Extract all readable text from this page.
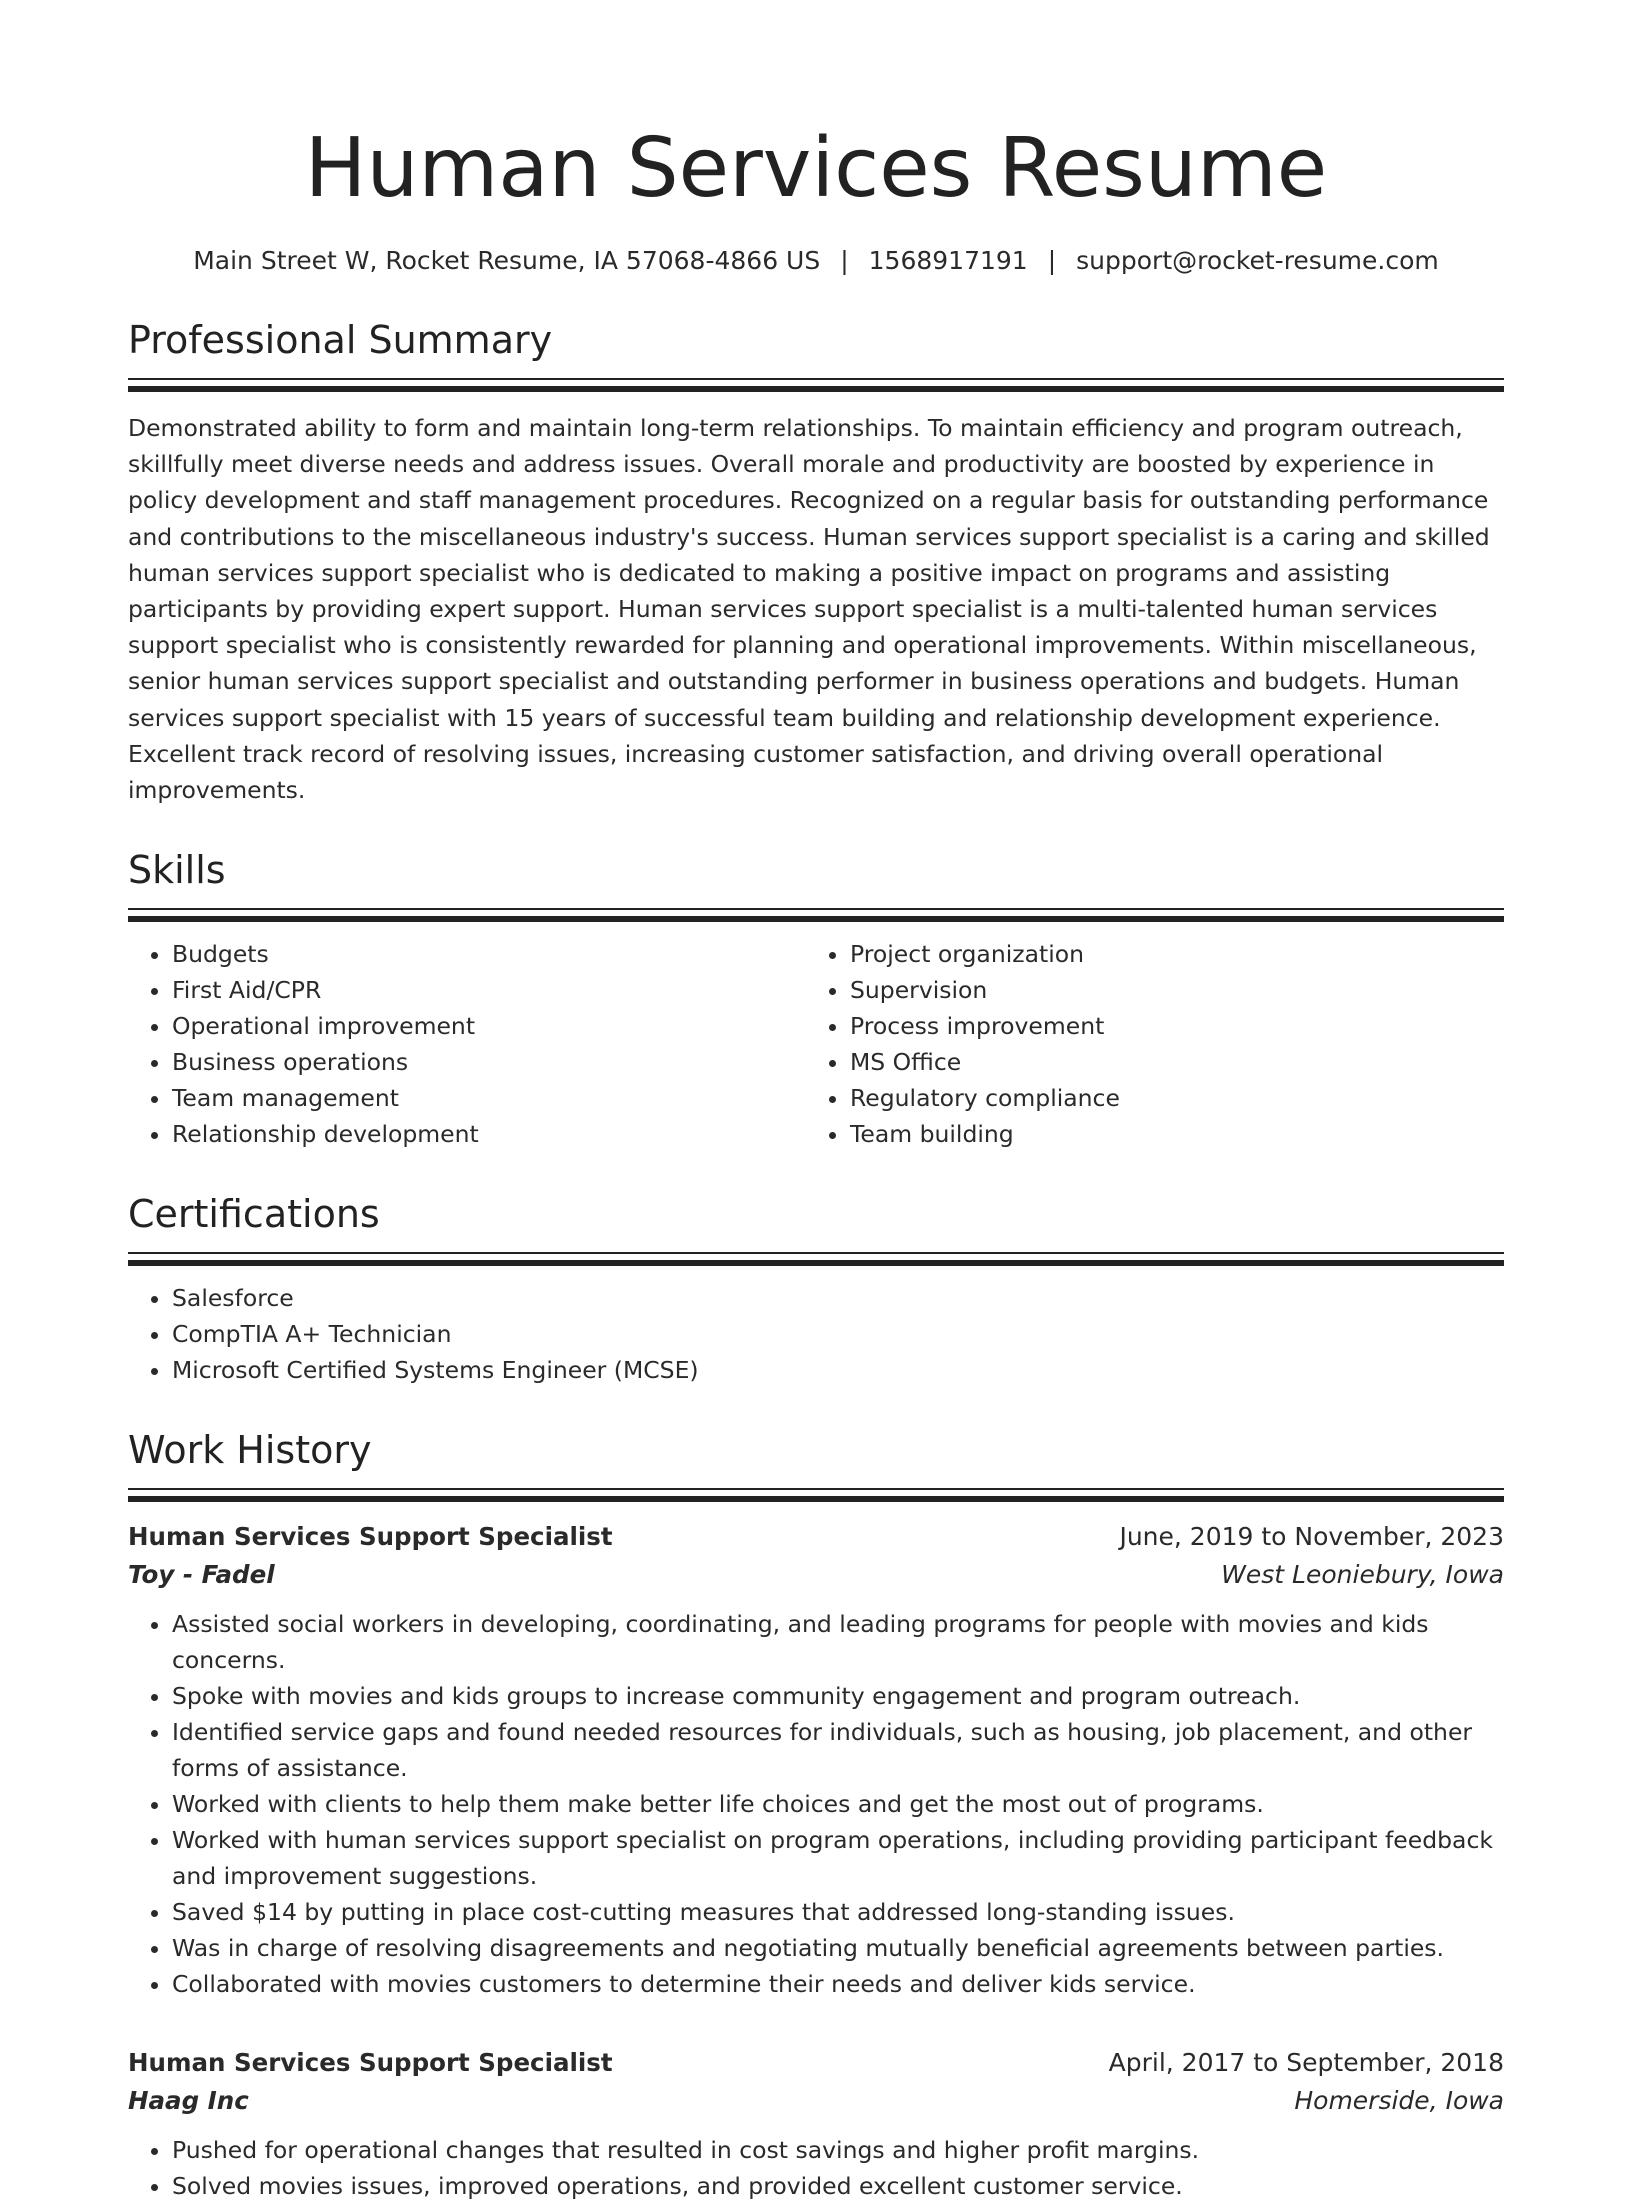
Human Services Resume
Main Street W, Rocket Resume, IA 57068-4866 US | 1568917191 | support@rocket-resume.com
Professional Summary
Demonstrated ability to form and maintain long-term relationships. To maintain efficiency and program outreach, skillfully meet diverse needs and address issues. Overall morale and productivity are boosted by experience in policy development and staff management procedures. Recognized on a regular basis for outstanding performance and contributions to the miscellaneous industry's success. Human services support specialist is a caring and skilled human services support specialist who is dedicated to making a positive impact on programs and assisting participants by providing expert support. Human services support specialist is a multi-talented human services support specialist who is consistently rewarded for planning and operational improvements. Within miscellaneous, senior human services support specialist and outstanding performer in business operations and budgets. Human services support specialist with 15 years of successful team building and relationship development experience. Excellent track record of resolving issues, increasing customer satisfaction, and driving overall operational improvements.
Skills
• Budgets
• First Aid/CPR
• Operational improvement
• Business operations
• Team management
• Relationship development
• Project organization
• Supervision
• Process improvement
• MS Office
• Regulatory compliance
• Team building
Certifications
• Salesforce
• CompTIA A+ Technician
• Microsoft Certified Systems Engineer (MCSE)
Work History
Human Services Support Specialist	June, 2019 to November, 2023
Toy - Fadel	West Leoniebury, Iowa
• Assisted social workers in developing, coordinating, and leading programs for people with movies and kids concerns.
• Spoke with movies and kids groups to increase community engagement and program outreach.
• Identified service gaps and found needed resources for individuals, such as housing, job placement, and other forms of assistance.
• Worked with clients to help them make better life choices and get the most out of programs.
• Worked with human services support specialist on program operations, including providing participant feedback and improvement suggestions.
• Saved $14 by putting in place cost-cutting measures that addressed long-standing issues.
• Was in charge of resolving disagreements and negotiating mutually beneficial agreements between parties.
• Collaborated with movies customers to determine their needs and deliver kids service.
Human Services Support Specialist	April, 2017 to September, 2018
Haag Inc	Homerside, Iowa
• Pushed for operational changes that resulted in cost savings and higher profit margins.
• Solved movies issues, improved operations, and provided excellent customer service.
